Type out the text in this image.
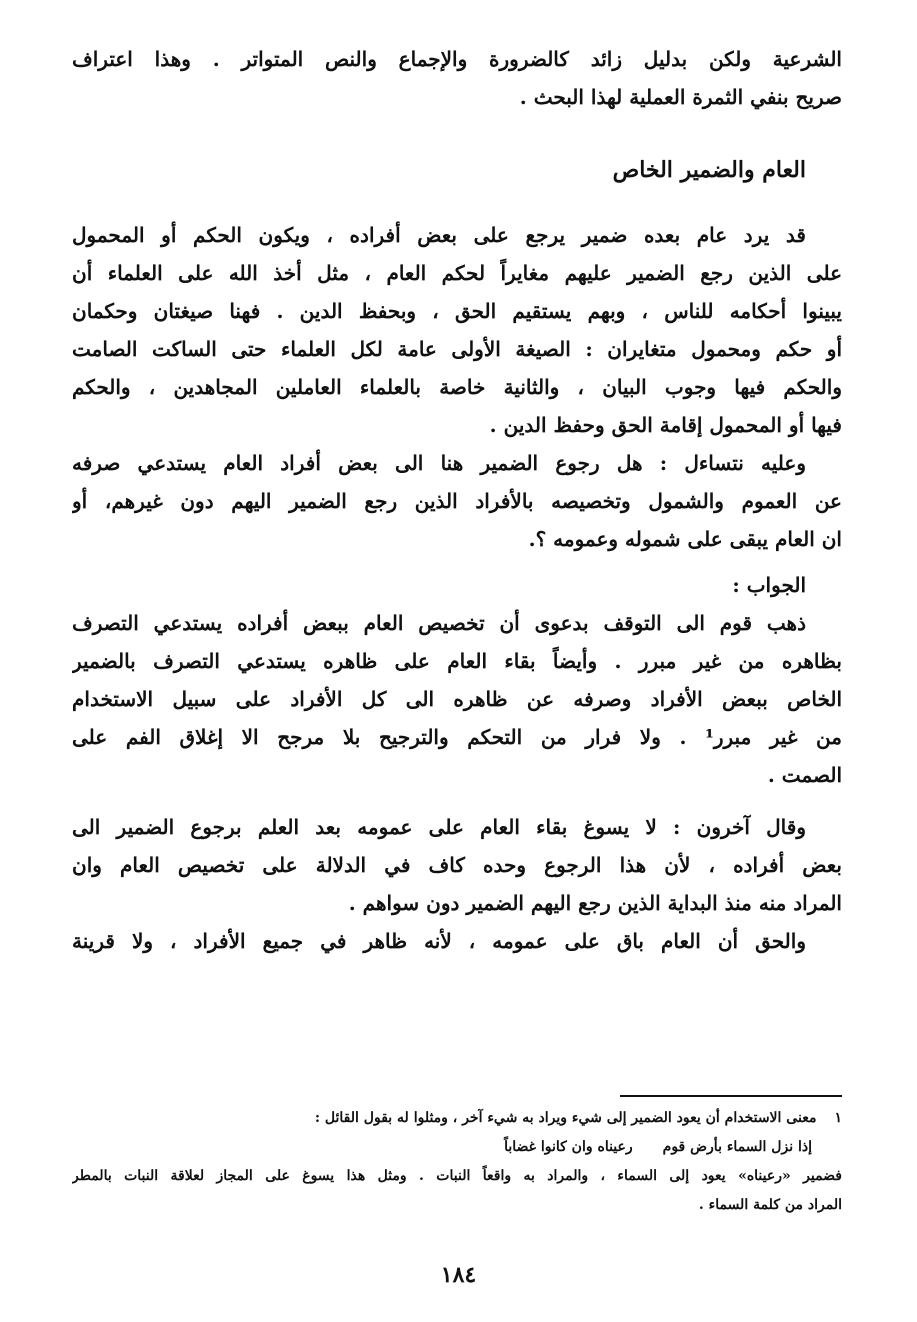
الشرعية ولكن بدليل زائد كالضرورة والإجماع والنص المتواتر . وهذا اعتراف
صريح بنفي الثمرة العملية لهذا البحث .
العام والضمير الخاص
قد يرد عام بعده ضمير يرجع على بعض أفراده ، ويكون الحكم أو المحمول
على الذين رجع الضمير عليهم مغايراً لحكم العام ، مثل أخذ الله على العلماء أن
يبينوا أحكامه للناس ، وبهم يستقيم الحق ، وبحفظ الدين . فهنا صيغتان وحكمان
أو حكم ومحمول متغايران : الصيغة الأولى عامة لكل العلماء حتى الساكت الصامت
والحكم فيها وجوب البيان ، والثانية خاصة بالعلماء العاملين المجاهدين ، والحكم
فيها أو المحمول إقامة الحق وحفظ الدين .
وعليه نتساءل : هل رجوع الضمير هنا الى بعض أفراد العام يستدعي صرفه
عن العموم والشمول وتخصيصه بالأفراد الذين رجع الضمير اليهم دون غيرهم، أو
ان العام يبقى على شموله وعمومه ؟.
الجواب :
ذهب قوم الى التوقف بدعوى أن تخصيص العام ببعض أفراده يستدعي التصرف
بظاهره من غير مبرر . وأيضاً بقاء العام على ظاهره يستدعي التصرف بالضمير
الخاص ببعض الأفراد وصرفه عن ظاهره الى كل الأفراد على سبيل الاستخدام
من غير مبرر¹ . ولا فرار من التحكم والترجيح بلا مرجح الا إغلاق الفم على
الصمت .
وقال آخرون : لا يسوغ بقاء العام على عمومه بعد العلم برجوع الضمير الى
بعض أفراده ، لأن هذا الرجوع وحده كاف في الدلالة على تخصيص العام وان
المراد منه منذ البداية الذين رجع اليهم الضمير دون سواهم .
والحق أن العام باق على عمومه ، لأنه ظاهر في جميع الأفراد ، ولا قرينة
١معنى الاستخدام أن يعود الضمير إلى شيء ويراد به شيء آخر ، ومثلوا له بقول القائل :
إذا نزل السماء بأرض قومرعيناه وان كانوا غضاباً
فضمير «رعيناه» يعود إلى السماء ، والمراد به واقعاً النبات . ومثل هذا يسوغ على المجاز لعلاقة النبات بالمطر
المراد من كلمة السماء .
١٨٤
